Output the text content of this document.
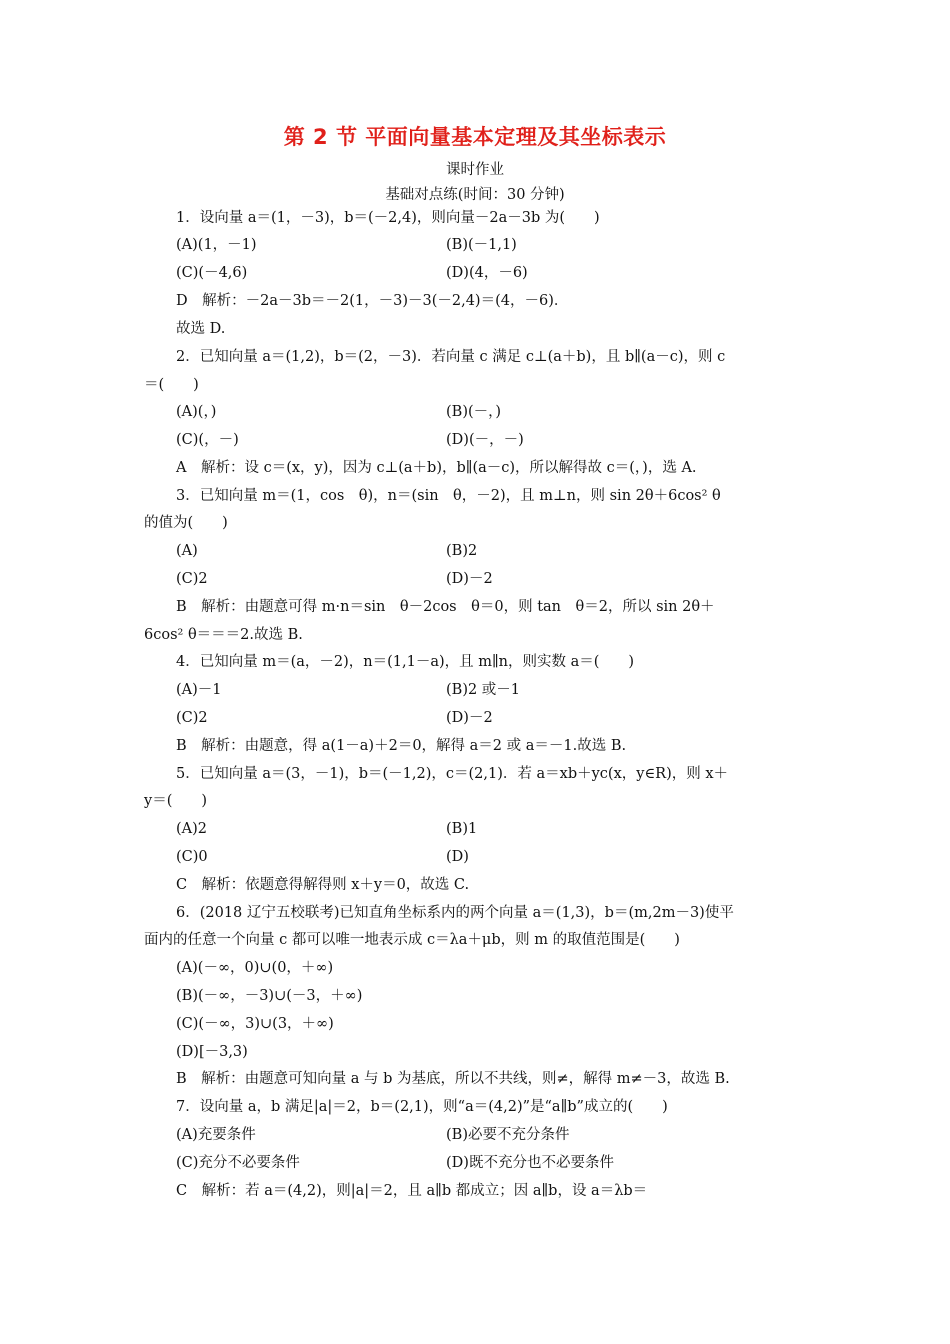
第 2 节 平面向量基本定理及其坐标表示
课时作业
基础对点练(时间：30 分钟)
1．设向量 a＝(1，－3)，b＝(－2,4)，则向量－2a－3b 为(　　)
(A)(1，－1)	(B)(－1,1)
(C)(－4,6)	(D)(4，－6)
D　解析：－2a－3b＝－2(1，－3)－3(－2,4)＝(4，－6)．
故选 D.
2．已知向量 a＝(1,2)，b＝(2，－3)．若向量 c 满足 c⊥(a＋b)，且 b∥(a－c)，则 c
＝(　　)
(A)(，)	(B)(－，)
(C)(，－)	(D)(－，－)
A　解析：设 c＝(x，y)，因为 c⊥(a＋b)，b∥(a－c)，所以解得故 c＝(，)，选 A.
3．已知向量 m＝(1，cos　θ)，n＝(sin　θ，－2)，且 m⊥n，则 sin 2θ＋6cos² θ
的值为(　　)
(A)	(B)2
(C)2	(D)－2
B　解析：由题意可得 m·n＝sin　θ－2cos　θ＝0，则 tan　θ＝2，所以 sin 2θ＋
6cos² θ＝＝＝2.故选 B.
4．已知向量 m＝(a，－2)，n＝(1,1－a)，且 m∥n，则实数 a＝(　　)
(A)－1	(B)2 或－1
(C)2	(D)－2
B　解析：由题意，得 a(1－a)＋2＝0，解得 a＝2 或 a＝－1.故选 B.
5．已知向量 a＝(3，－1)，b＝(－1,2)，c＝(2,1)．若 a＝xb＋yc(x，y∈R)，则 x＋
y＝(　　)
(A)2	(B)1
(C)0	(D)
C　解析：依题意得解得则 x＋y＝0，故选 C.
6．(2018 辽宁五校联考)已知直角坐标系内的两个向量 a＝(1,3)，b＝(m,2m－3)使平
面内的任意一个向量 c 都可以唯一地表示成 c＝λa＋μb，则 m 的取值范围是(　　)
(A)(－∞，0)∪(0，＋∞)
(B)(－∞，－3)∪(－3，＋∞)
(C)(－∞，3)∪(3，＋∞)
(D)[－3,3)
B　解析：由题意可知向量 a 与 b 为基底，所以不共线，则≠，解得 m≠－3，故选 B.
7．设向量 a，b 满足|a|＝2，b＝(2,1)，则“a＝(4,2)”是“a∥b”成立的(　　)
(A)充要条件	(B)必要不充分条件
(C)充分不必要条件	(D)既不充分也不必要条件
C　解析：若 a＝(4,2)，则|a|＝2，且 a∥b 都成立；因 a∥b，设 a＝λb＝
